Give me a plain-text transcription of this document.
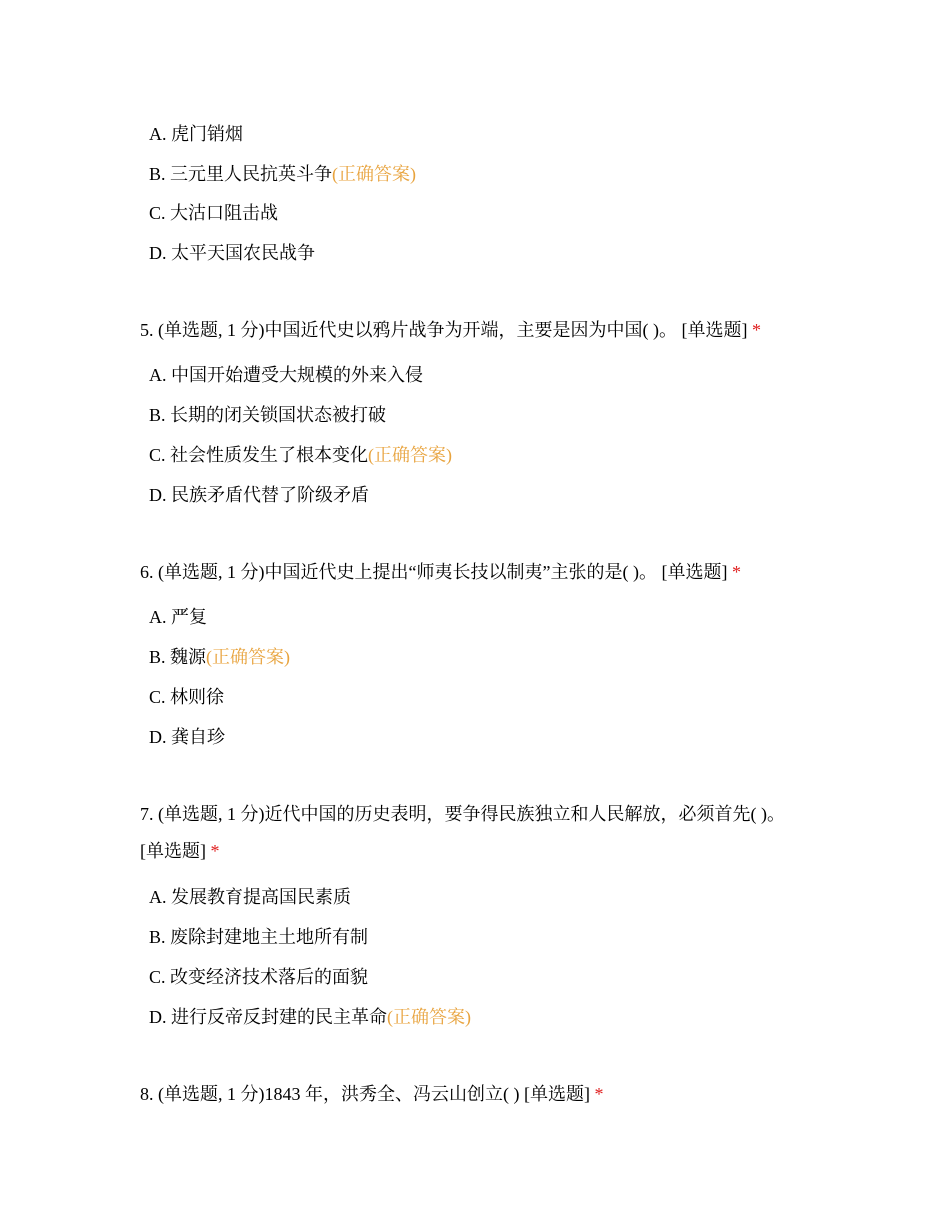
A. 虎门销烟
B. 三元里人民抗英斗争(正确答案)
C. 大沽口阻击战
D. 太平天国农民战争
5. (单选题, 1 分)中国近代史以鸦片战争为开端，主要是因为中国( )。 [单选题] *
A. 中国开始遭受大规模的外来入侵
B. 长期的闭关锁国状态被打破
C. 社会性质发生了根本变化(正确答案)
D. 民族矛盾代替了阶级矛盾
6. (单选题, 1 分)中国近代史上提出“师夷长技以制夷”主张的是( )。 [单选题] *
A. 严复
B. 魏源(正确答案)
C. 林则徐
D. 龚自珍
7. (单选题, 1 分)近代中国的历史表明，要争得民族独立和人民解放，必须首先( )。
[单选题] *
A. 发展教育提高国民素质
B. 废除封建地主土地所有制
C. 改变经济技术落后的面貌
D. 进行反帝反封建的民主革命(正确答案)
8. (单选题, 1 分)1843 年，洪秀全、冯云山创立( ) [单选题] *
